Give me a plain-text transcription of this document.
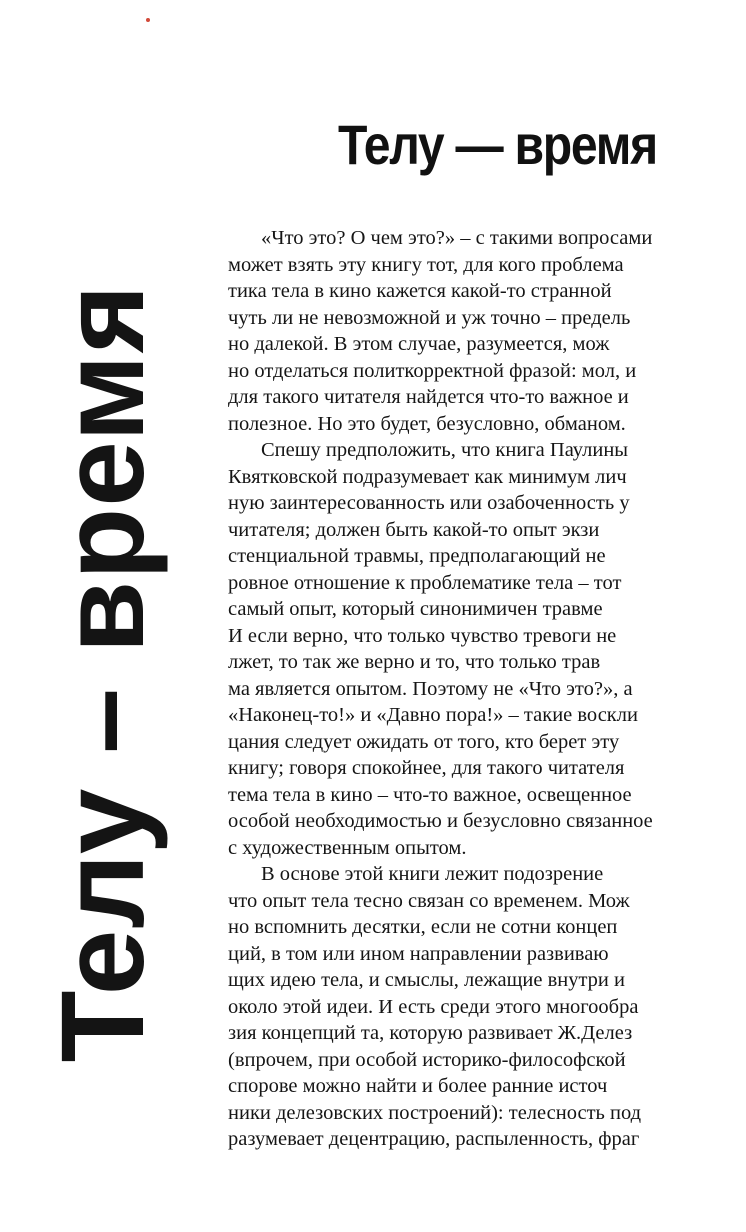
Телу – время
Телу — время
«Что это? О чем это?» – с такими вопросами
может взять эту книгу тот, для кого проблема
тика тела в кино кажется какой-то странной
чуть ли не невозможной и уж точно – предель
но далекой. В этом случае, разумеется, мож
но отделаться политкорректной фразой: мол, и
для такого читателя найдется что-то важное и
полезное. Но это будет, безусловно, обманом.
Спешу предположить, что книга Паулины
Квятковской подразумевает как минимум лич
ную заинтересованность или озабоченность у
читателя; должен быть какой-то опыт экзи
стенциальной травмы, предполагающий не
ровное отношение к проблематике тела – тот
самый опыт, который синонимичен травме
И если верно, что только чувство тревоги не
лжет, то так же верно и то, что только трав
ма является опытом. Поэтому не «Что это?», а
«Наконец-то!» и «Давно пора!» – такие воскли
цания следует ожидать от того, кто берет эту
книгу; говоря спокойнее, для такого читателя
тема тела в кино – что-то важное, освещенное
особой необходимостью и безусловно связанное
с художественным опытом.
В основе этой книги лежит подозрение
что опыт тела тесно связан со временем. Мож
но вспомнить десятки, если не сотни концеп
ций, в том или ином направлении развиваю
щих идею тела, и смыслы, лежащие внутри и
около этой идеи. И есть среди этого многообра
зия концепций та, которую развивает Ж.Делез
(впрочем, при особой историко-философской
спорове можно найти и более ранние источ
ники делезовских построений): телесность под
разумевает децентрацию, распыленность, фраг
